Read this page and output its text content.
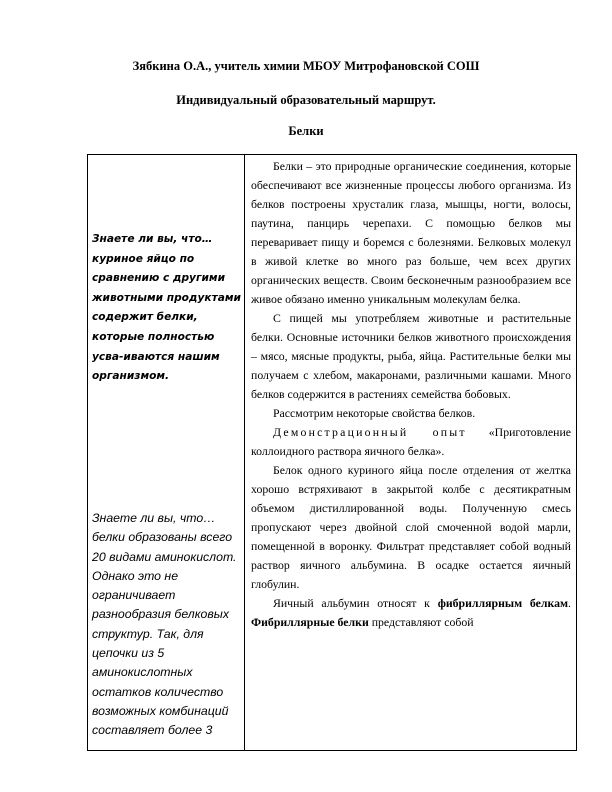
Зябкина О.А., учитель химии МБОУ Митрофановской СОШ
Индивидуальный образовательный маршрут.
Белки
Знаете ли вы, что… куриное яйцо по сравнению с другими животными продуктами содержит белки, которые полностью усва-иваются нашим организмом.
Знаете ли вы, что… белки образованы всего 20 видами аминокислот. Однако это не ограничивает разнообразия белковых структур. Так, для цепочки из 5 аминокислотных остатков количество возможных комбинаций составляет более 3

Белки – это природные органические соединения, которые обеспечивают все жизненные процессы любого организма. Из белков построены хрусталик глаза, мышцы, ногти, волосы, паутина, панцирь черепахи. С помощью белков мы переваривает пищу и боремся с болезнями. Белковых молекул в живой клетке во много раз больше, чем всех других органических веществ. Своим бесконечным разнообразием все живое обязано именно уникальным молекулам белка.

С пищей мы употребляем животные и растительные белки. Основные источники белков животного происхождения – мясо, мясные продукты, рыба, яйца. Растительные белки мы получаем с хлебом, макаронами, различными кашами. Много белков содержится в растениях семейства бобовых.

Рассмотрим некоторые свойства белков.

Демонстрационный опыт «Приготовление коллоидного раствора яичного белка».

Белок одного куриного яйца после отделения от желтка хорошо встряхивают в закрытой колбе с десятикратным объемом дистиллированной воды. Полученную смесь пропускают через двойной слой смоченной водой марли, помещенной в воронку. Фильтрат представляет собой водный раствор яичного альбумина. В осадке остается яичный глобулин.

Яичный альбумин относят к фибриллярным белкам. Фибриллярные белки представляют собой
